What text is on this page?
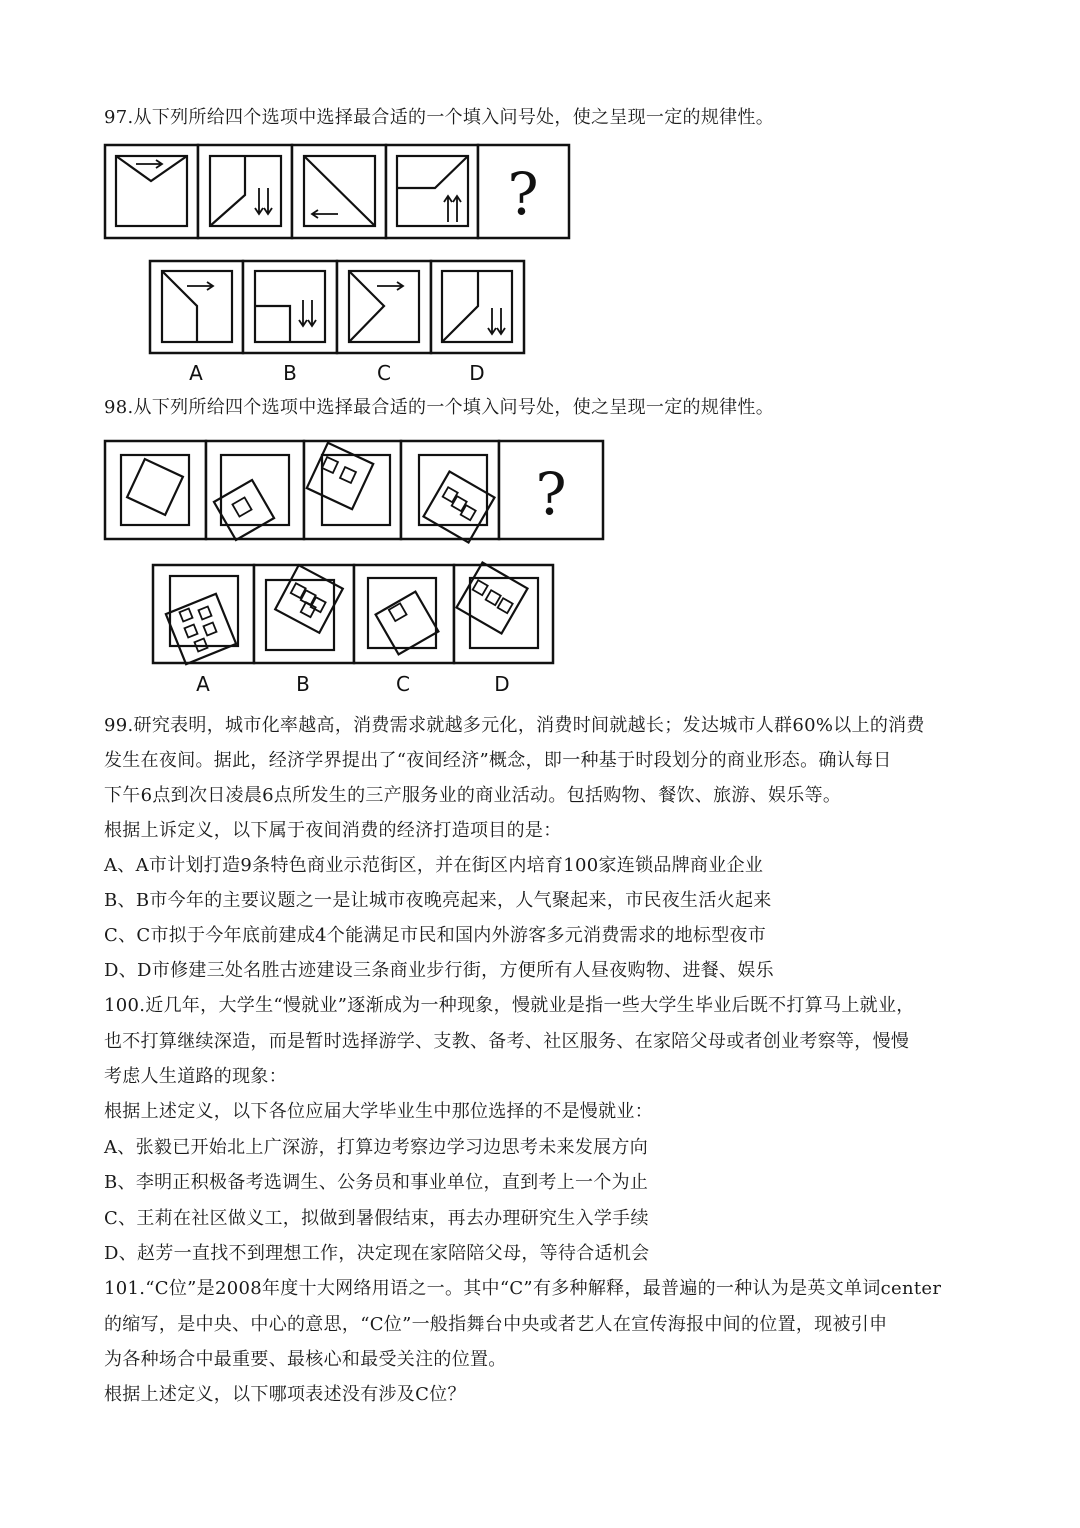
97.从下列所给四个选项中选择最合适的一个填入问号处，使之呈现一定的规律性。

?
A	B	C	D

98.从下列所给四个选项中选择最合适的一个填入问号处，使之呈现一定的规律性。

?
A	B	C	D

99.研究表明，城市化率越高，消费需求就越多元化，消费时间就越长；发达城市人群60%以上的消费

发生在夜间。据此，经济学界提出了“夜间经济”概念，即一种基于时段划分的商业形态。确认每日

下午6点到次日凌晨6点所发生的三产服务业的商业活动。包括购物、餐饮、旅游、娱乐等。

根据上诉定义，以下属于夜间消费的经济打造项目的是：

A、A市计划打造9条特色商业示范街区，并在街区内培育100家连锁品牌商业企业

B、B市今年的主要议题之一是让城市夜晚亮起来，人气聚起来，市民夜生活火起来

C、C市拟于今年底前建成4个能满足市民和国内外游客多元消费需求的地标型夜市

D、D市修建三处名胜古迹建设三条商业步行街，方便所有人昼夜购物、进餐、娱乐

100.近几年，大学生“慢就业”逐渐成为一种现象，慢就业是指一些大学生毕业后既不打算马上就业，

也不打算继续深造，而是暂时选择游学、支教、备考、社区服务、在家陪父母或者创业考察等，慢慢

考虑人生道路的现象：

根据上述定义，以下各位应届大学毕业生中那位选择的不是慢就业：

A、张毅已开始北上广深游，打算边考察边学习边思考未来发展方向

B、李明正积极备考选调生、公务员和事业单位，直到考上一个为止

C、王莉在社区做义工，拟做到暑假结束，再去办理研究生入学手续

D、赵芳一直找不到理想工作，决定现在家陪陪父母，等待合适机会

101.“C位”是2008年度十大网络用语之一。其中“C”有多种解释，最普遍的一种认为是英文单词center

的缩写，是中央、中心的意思，“C位”一般指舞台中央或者艺人在宣传海报中间的位置，现被引申

为各种场合中最重要、最核心和最受关注的位置。

根据上述定义，以下哪项表述没有涉及C位？
